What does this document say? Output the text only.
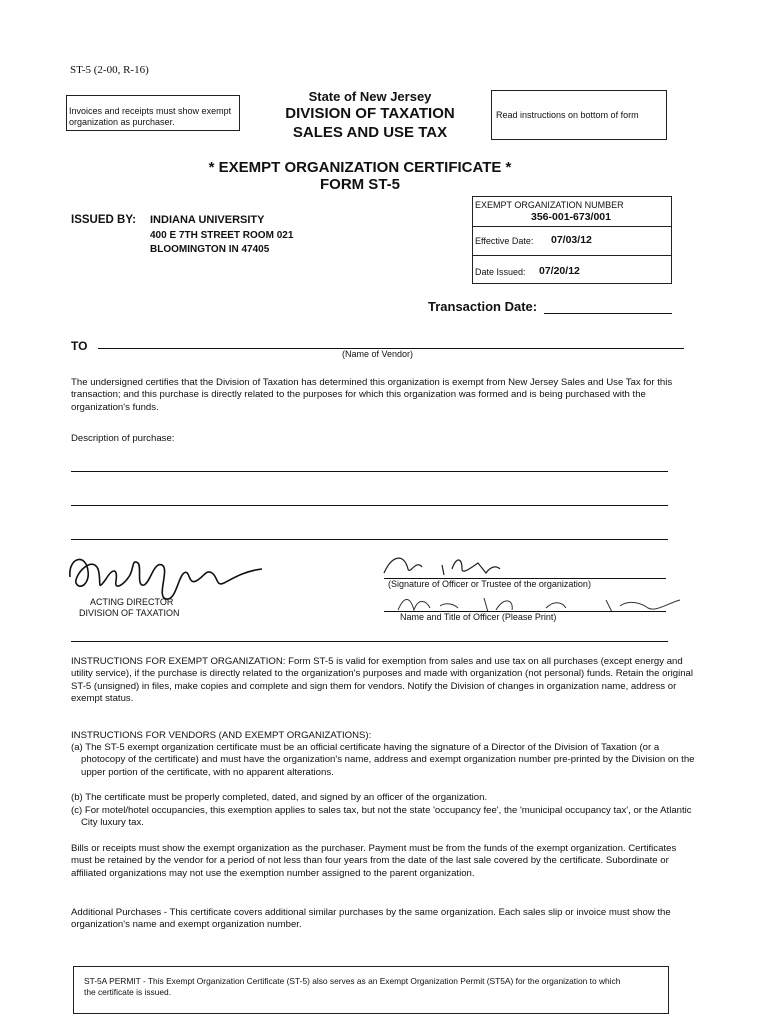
ST-5 (2-00, R-16)
Invoices and receipts must show exempt organization as purchaser.
State of New Jersey
DIVISION OF TAXATION
SALES AND USE TAX
Read instructions on bottom of form
* EXEMPT ORGANIZATION CERTIFICATE *
FORM ST-5
ISSUED BY: INDIANA UNIVERSITY
400 E 7TH STREET ROOM 021
BLOOMINGTON IN 47405
EXEMPT ORGANIZATION NUMBER
356-001-673/001
Effective Date: 07/03/12
Date Issued: 07/20/12
Transaction Date:
TO
(Name of Vendor)
The undersigned certifies that the Division of Taxation has determined this organization is exempt from New Jersey Sales and Use Tax for this transaction; and this purchase is directly related to the purposes for which this organization was formed and is being purchased with the organization's funds.
Description of purchase:
ACTING DIRECTOR
DIVISION OF TAXATION
(Signature of Officer or Trustee of the organization)
Name and Title of Officer (Please Print)
INSTRUCTIONS FOR EXEMPT ORGANIZATION: Form ST-5 is valid for exemption from sales and use tax on all purchases (except energy and utility service), if the purchase is directly related to the organization's purposes and made with organization (not personal) funds. Retain the original ST-5 (unsigned) in files, make copies and complete and sign them for vendors. Notify the Division of changes in organization name, address or exempt status.
INSTRUCTIONS FOR VENDORS (AND EXEMPT ORGANIZATIONS):
(a) The ST-5 exempt organization certificate must be an official certificate having the signature of a Director of the Division of Taxation (or a photocopy of the certificate) and must have the organization's name, address and exempt organization number pre-printed by the Division on the upper portion of the certificate, with no apparent alterations.
(b) The certificate must be properly completed, dated, and signed by an officer of the organization.
(c) For motel/hotel occupancies, this exemption applies to sales tax, but not the state 'occupancy fee', the 'municipal occupancy tax', or the Atlantic City luxury tax.
Bills or receipts must show the exempt organization as the purchaser. Payment must be from the funds of the exempt organization. Certificates must be retained by the vendor for a period of not less than four years from the date of the last sale covered by the certificate. Subordinate or affiliated organizations may not use the exemption number assigned to the parent organization.
Additional Purchases - This certificate covers additional similar purchases by the same organization. Each sales slip or invoice must show the organization's name and exempt organization number.
ST-5A PERMIT - This Exempt Organization Certificate (ST-5) also serves as an Exempt Organization Permit (ST5A) for the organization to which the certificate is issued.
